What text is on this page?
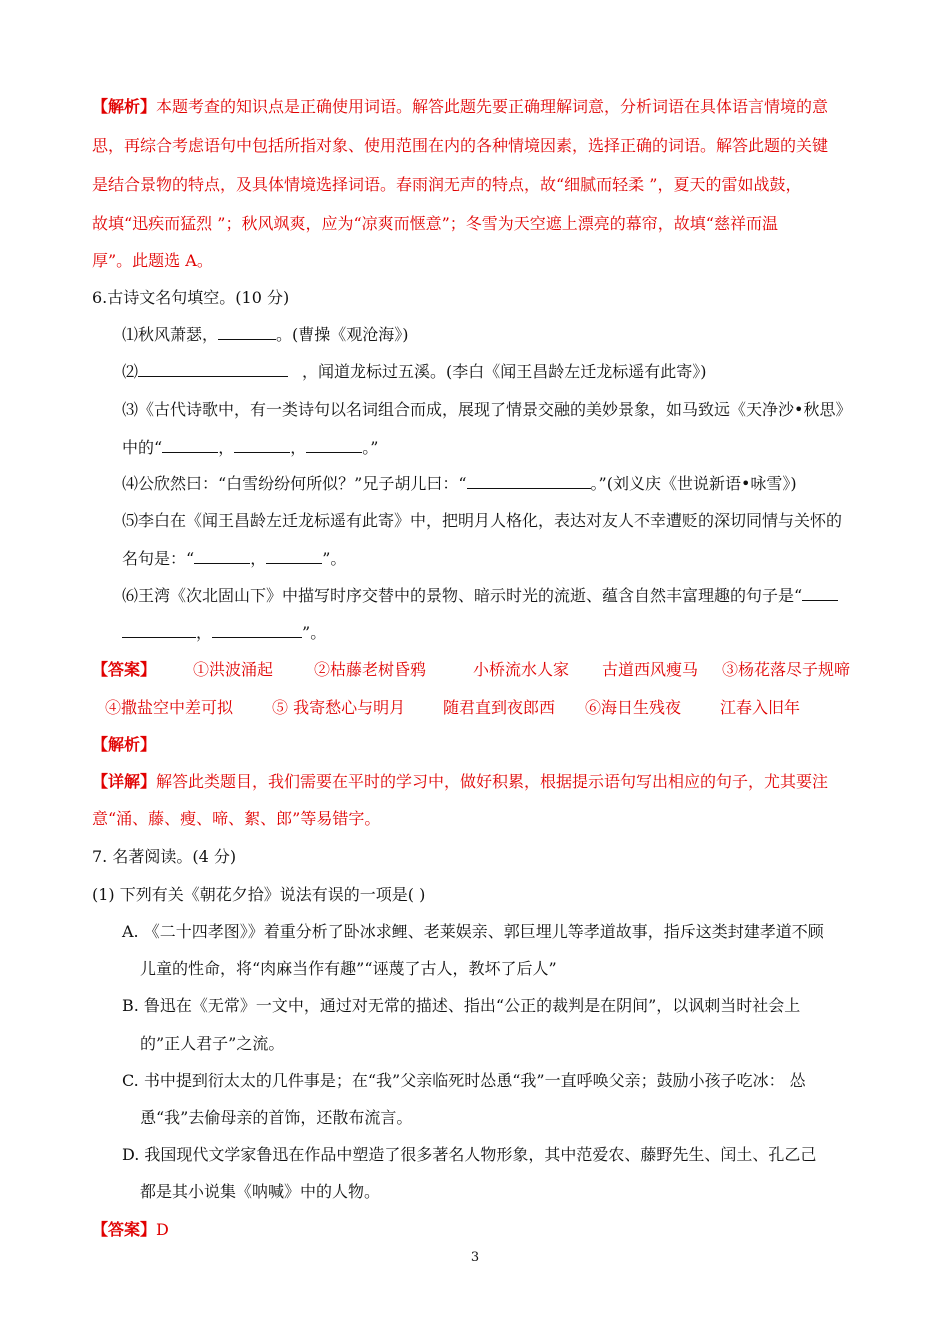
【解析】本题考查的知识点是正确使用词语。解答此题先要正确理解词意，分析词语在具体语言情境的意
思，再综合考虑语句中包括所指对象、使用范围在内的各种情境因素，选择正确的词语。解答此题的关键
是结合景物的特点，及具体情境选择词语。春雨润无声的特点，故“细腻而轻柔 ”，夏天的雷如战鼓，
故填“迅疾而猛烈 ”；秋风飒爽，应为“凉爽而惬意”；冬雪为天空遮上漂亮的幕帘，故填“慈祥而温
厚”。此题选 A。
6.古诗文名句填空。(10 分)
⑴秋风萧瑟，	。(曹操《观沧海》)
⑵	，闻道龙标过五溪。(李白《闻王昌龄左迁龙标遥有此寄》)
⑶《古代诗歌中，有一类诗句以名词组合而成，展现了情景交融的美妙景象，如马致远《天净沙•秋思》
中的“	，	，	。”
⑷公欣然曰：“白雪纷纷何所似？”兄子胡儿曰：“	。”(刘义庆《世说新语•咏雪》)
⑸李白在《闻王昌龄左迁龙标遥有此寄》中，把明月人格化，表达对友人不幸遭贬的深切同情与关怀的
名句是：“	，	”。
⑹王湾《次北固山下》中描写时序交替中的景物、暗示时光的流逝、蕴含自然丰富理趣的句子是“
，	”。
【答案】 ①洪波涌起	②枯藤老树昏鸦	小桥流水人家 古道西风瘦马 ③杨花落尽子规啼
④撒盐空中差可拟 ⑤ 我寄愁心与明月 随君直到夜郎西 ⑥海日生残夜 江春入旧年
【解析】
【详解】解答此类题目，我们需要在平时的学习中，做好积累，根据提示语句写出相应的句子，尤其要注
意“涌、藤、瘦、啼、絮、郎”等易错字。
7. 名著阅读。(4 分)
(1) 下列有关《朝花夕拾》说法有误的一项是( )
A. 《二十四孝图》》着重分析了卧冰求鲤、老莱娱亲、郭巨埋儿等孝道故事，指斥这类封建孝道不顾
儿童的性命，将“肉麻当作有趣”“诬蔑了古人，教坏了后人”
B. 鲁迅在《无常》一文中，通过对无常的描述、指出“公正的裁判是在阴间”，以讽刺当时社会上
的”正人君子”之流。
C. 书中提到衍太太的几件事是；在“我”父亲临死时怂恿“我”一直呼唤父亲；鼓励小孩子吃冰： 怂
恿“我”去偷母亲的首饰，还散布流言。
D. 我国现代文学家鲁迅在作品中塑造了很多著名人物形象，其中范爱农、藤野先生、闰土、孔乙己
都是其小说集《呐喊》中的人物。
【答案】D
3
